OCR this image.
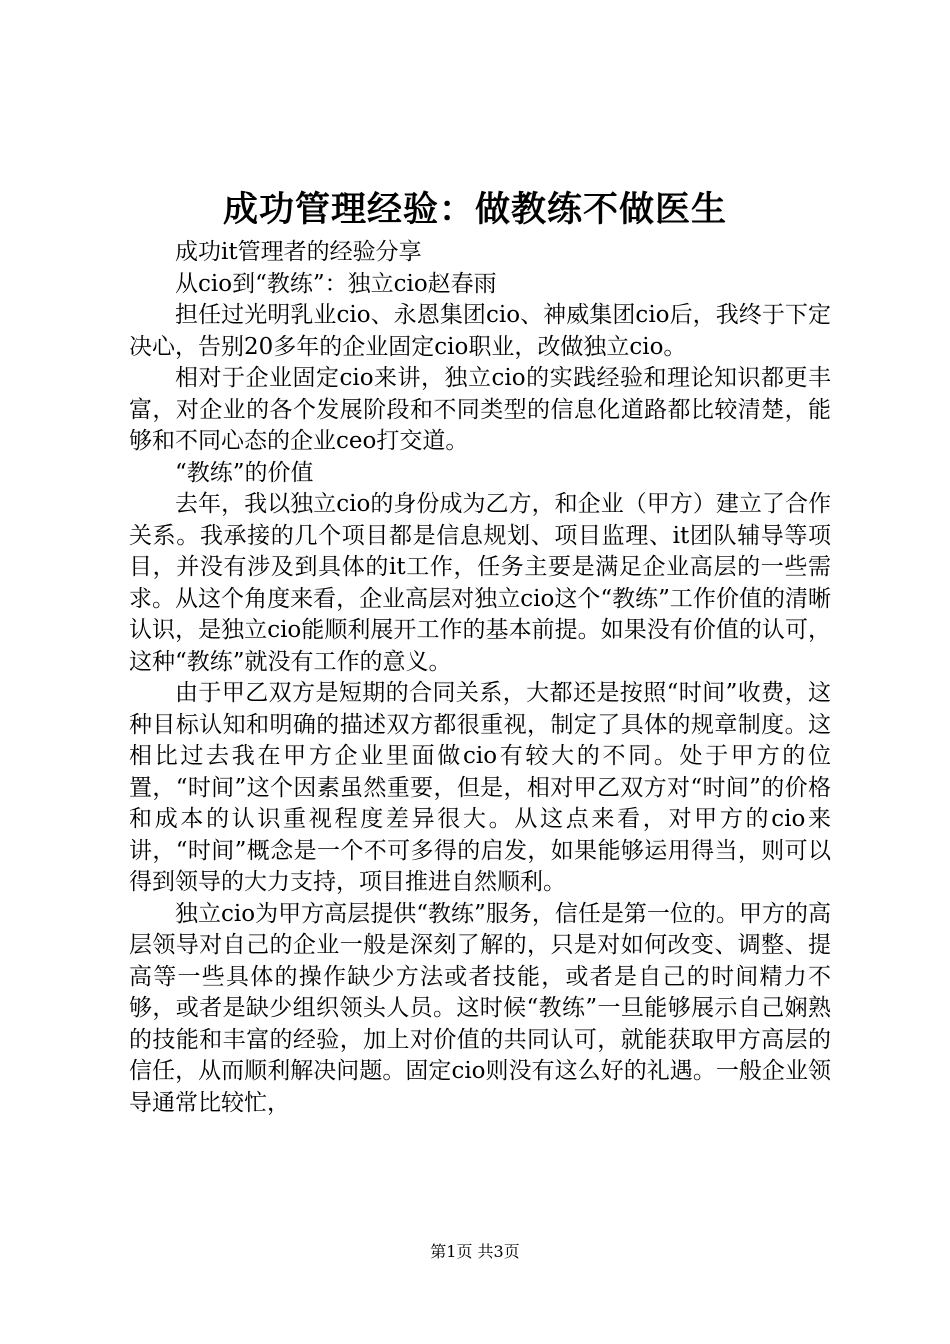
成功管理经验：做教练不做医生

成功it管理者的经验分享

从cio到“教练”：独立cio赵春雨

担任过光明乳业cio、永恩集团cio、神威集团cio后，我终于下定决心，告别20多年的企业固定cio职业，改做独立cio。

相对于企业固定cio来讲，独立cio的实践经验和理论知识都更丰富，对企业的各个发展阶段和不同类型的信息化道路都比较清楚，能够和不同心态的企业ceo打交道。

“教练”的价值

去年，我以独立cio的身份成为乙方，和企业（甲方）建立了合作关系。我承接的几个项目都是信息规划、项目监理、it团队辅导等项目，并没有涉及到具体的it工作，任务主要是满足企业高层的一些需求。从这个角度来看，企业高层对独立cio这个“教练”工作价值的清晰认识，是独立cio能顺利展开工作的基本前提。如果没有价值的认可，这种“教练”就没有工作的意义。

由于甲乙双方是短期的合同关系，大都还是按照“时间”收费，这种目标认知和明确的描述双方都很重视，制定了具体的规章制度。这相比过去我在甲方企业里面做cio有较大的不同。处于甲方的位置，“时间”这个因素虽然重要，但是，相对甲乙双方对“时间”的价格和成本的认识重视程度差异很大。从这点来看，对甲方的cio来讲，“时间”概念是一个不可多得的启发，如果能够运用得当，则可以得到领导的大力支持，项目推进自然顺利。

独立cio为甲方高层提供“教练”服务，信任是第一位的。甲方的高层领导对自己的企业一般是深刻了解的，只是对如何改变、调整、提高等一些具体的操作缺少方法或者技能，或者是自己的时间精力不够，或者是缺少组织领头人员。这时候“教练”一旦能够展示自己娴熟的技能和丰富的经验，加上对价值的共同认可，就能获取甲方高层的信任，从而顺利解决问题。固定cio则没有这么好的礼遇。一般企业领导通常比较忙，

第1页 共3页
